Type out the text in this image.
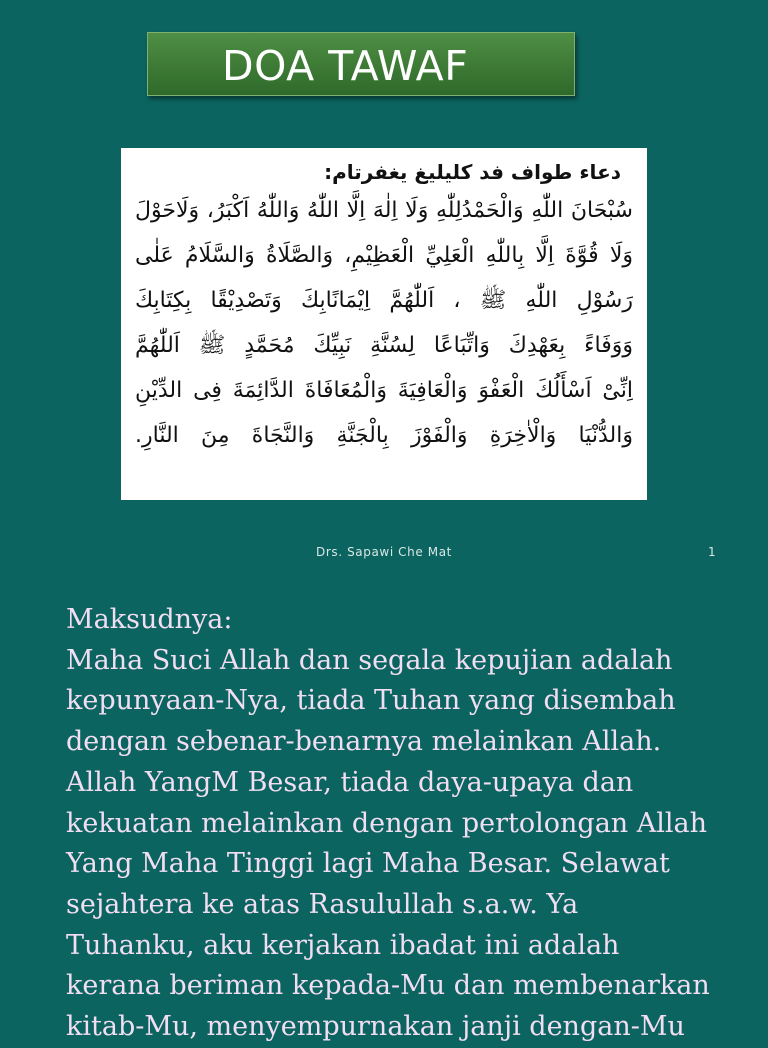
DOA TAWAF
دعاء طواف فد كليليغ يغفرتام:
سُبْحَانَ اللّٰهِ وَالْحَمْدُلِلّٰهِ وَلَا اِلٰهَ اِلَّا اللّٰهُ وَاللّٰهُ اَكْبَرُ، وَلَاحَوْلَ
وَلَا قُوَّةَ اِلَّا بِاللّٰهِ الْعَلِيِّ الْعَظِيْمِ، وَالصَّلَاةُ وَالسَّلَامُ عَلٰى
رَسُوْلِ اللّٰهِ ﷺ ، اَللّٰهُمَّ اِيْمَانًابِكَ وَتَصْدِيْقًا بِكِتَابِكَ
وَوَفَاءً بِعَهْدِكَ وَاتِّبَاعًا لِسُنَّةِ نَبِيِّكَ مُحَمَّدٍ ﷺ اَللّٰهُمَّ
اِنِّىْ اَسْأَلُكَ الْعَفْوَ وَالْعَافِيَةَ وَالْمُعَافَاةَ الدَّائِمَةَ فِى الدِّيْنِ
وَالدُّنْيَا وَالْاٰخِرَةِ وَالْفَوْزَ بِالْجَنَّةِ وَالنَّجَاةَ مِنَ النَّارِ.
Drs. Sapawi Che Mat	1
Maksudnya:
Maha Suci Allah dan segala kepujian adalah
kepunyaan-Nya, tiada Tuhan yang disembah
dengan sebenar-benarnya melainkan Allah.
Allah YangM Besar, tiada daya-upaya dan
kekuatan melainkan dengan pertolongan Allah
Yang Maha Tinggi lagi Maha Besar. Selawat
sejahtera ke atas Rasulullah s.a.w. Ya
Tuhanku, aku kerjakan ibadat ini adalah
kerana beriman kepada-Mu dan membenarkan
kitab-Mu, menyempurnakan janji dengan-Mu
